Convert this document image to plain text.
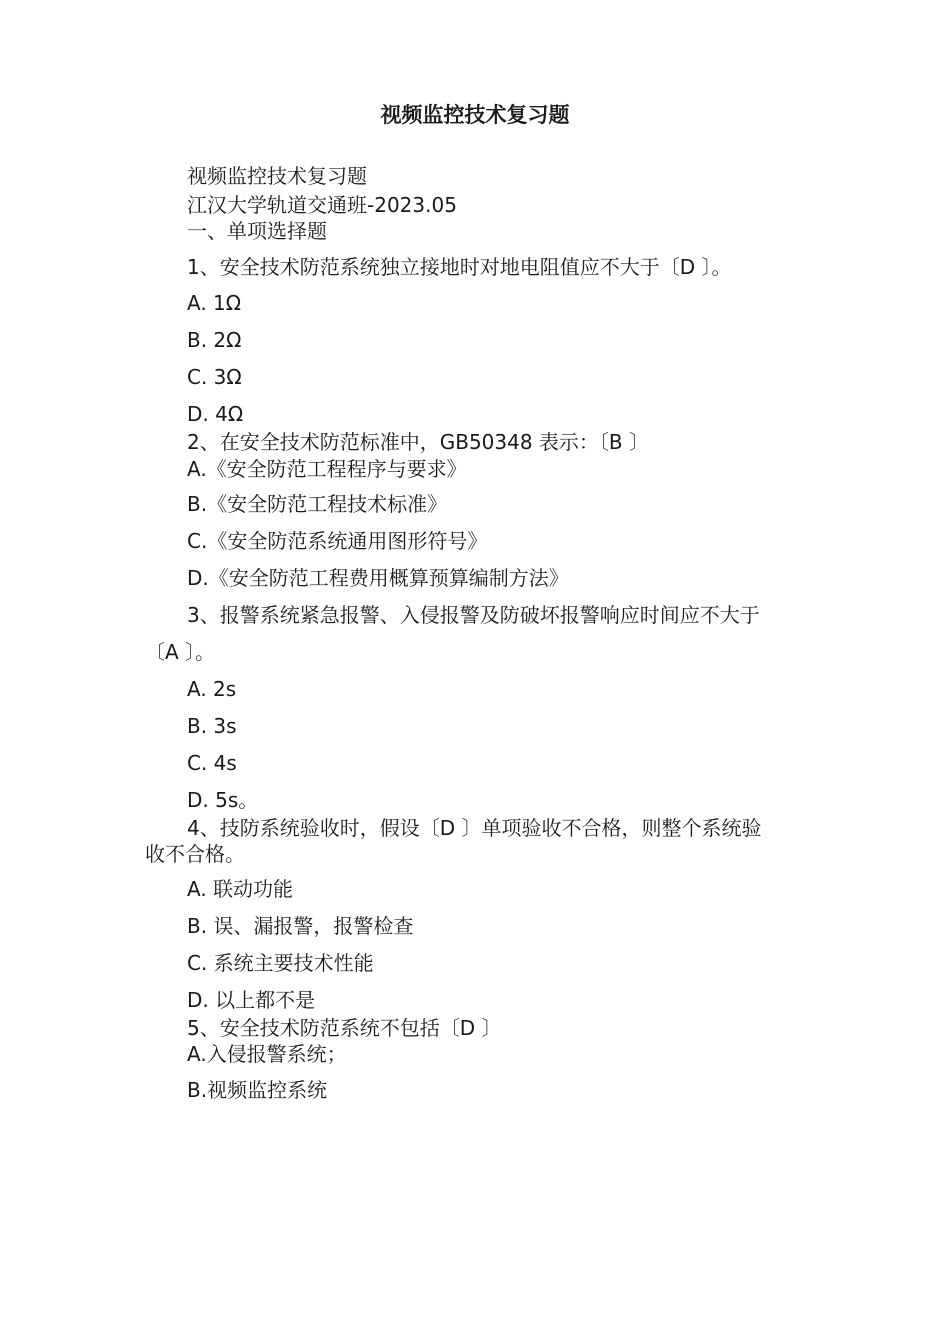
视频监控技术复习题
视频监控技术复习题
江汉大学轨道交通班-2023.05
一、单项选择题
1、安全技术防范系统独立接地时对地电阻值应不大于〔D 〕。
A. 1Ω
B. 2Ω
C. 3Ω
D. 4Ω
2、在安全技术防范标准中，GB50348 表示：〔B 〕
A.《安全防范工程程序与要求》
B.《安全防范工程技术标准》
C.《安全防范系统通用图形符号》
D.《安全防范工程费用概算预算编制方法》
3、报警系统紧急报警、入侵报警及防破坏报警响应时间应不大于
〔A 〕。
A. 2s
B. 3s
C. 4s
D. 5s。
4、技防系统验收时，假设〔D 〕单项验收不合格，则整个系统验
收不合格。
A. 联动功能
B. 误、漏报警，报警检查
C. 系统主要技术性能
D. 以上都不是
5、安全技术防范系统不包括〔D 〕
A.入侵报警系统；
B.视频监控系统
